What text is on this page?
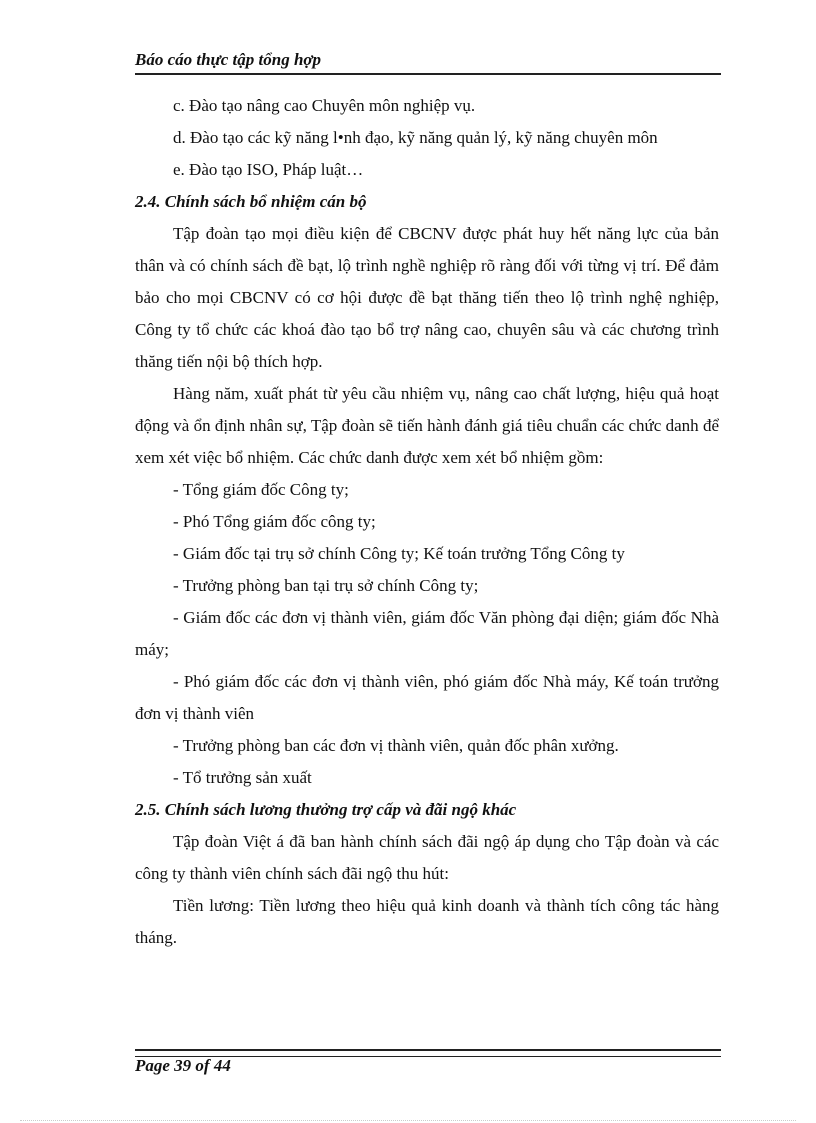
Báo cáo thực tập tổng hợp

c. Đào tạo nâng cao Chuyên môn nghiệp vụ.

d. Đào tạo các kỹ năng l•nh đạo, kỹ năng quản lý, kỹ năng chuyên môn

e. Đào tạo ISO, Pháp luật…

2.4. Chính sách bổ nhiệm cán bộ

Tập đoàn tạo mọi điều kiện để CBCNV được phát huy hết năng lực của bản thân và có chính sách đề bạt, lộ trình nghề nghiệp rõ ràng đối với từng vị trí. Để đảm bảo cho mọi CBCNV có cơ hội được đề bạt thăng tiến theo lộ trình nghệ nghiệp, Công ty tổ chức các khoá đào tạo bổ trợ nâng cao, chuyên sâu và các chương trình thăng tiến nội bộ thích hợp.

Hàng năm, xuất phát từ yêu cầu nhiệm vụ, nâng cao chất lượng, hiệu quả hoạt động và ổn định nhân sự, Tập đoàn sẽ tiến hành đánh giá tiêu chuẩn các chức danh để xem xét việc bổ nhiệm. Các chức danh được xem xét bổ nhiệm gồm:

- Tổng giám đốc Công ty;

- Phó Tổng giám đốc công ty;

- Giám đốc tại trụ sở chính Công ty; Kế toán trưởng Tổng Công ty

- Trưởng phòng ban tại trụ sở chính Công ty;

- Giám đốc các đơn vị thành viên, giám đốc Văn phòng đại diện; giám đốc Nhà máy;

- Phó giám đốc các đơn vị thành viên, phó giám đốc Nhà máy, Kế toán trưởng đơn vị thành viên

- Trưởng phòng ban các đơn vị thành viên, quản đốc phân xưởng.

- Tổ trưởng sản xuất

2.5. Chính sách lương thưởng trợ cấp và đãi ngộ khác

Tập đoàn Việt á đã ban hành chính sách đãi ngộ áp dụng cho Tập đoàn và các công ty thành viên chính sách đãi ngộ thu hút:

Tiền lương: Tiền lương theo hiệu quả kinh doanh và thành tích công tác hàng tháng.

Page 39 of 44
